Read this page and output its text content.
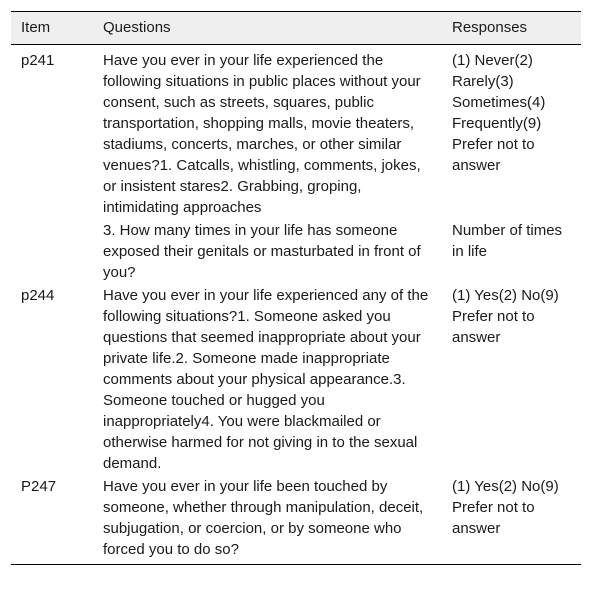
Item	Questions	Responses
p241	Have you ever in your life experienced the following situations in public places without your consent, such as streets, squares, public transportation, shopping malls, movie theaters, stadiums, concerts, marches, or other similar venues?1. Catcalls, whistling, comments, jokes, or insistent stares2. Grabbing, groping, intimidating approaches	(1) Never(2) Rarely(3) Sometimes(4) Frequently(9) Prefer not to answer
	3. How many times in your life has someone exposed their genitals or masturbated in front of you?	Number of times in life
p244	Have you ever in your life experienced any of the following situations?1. Someone asked you questions that seemed inappropriate about your private life.2. Someone made inappropriate comments about your physical appearance.3. Someone touched or hugged you inappropriately4. You were blackmailed or otherwise harmed for not giving in to the sexual demand.	(1) Yes(2) No(9) Prefer not to answer
P247	Have you ever in your life been touched by someone, whether through manipulation, deceit, subjugation, or coercion, or by someone who forced you to do so?	(1) Yes(2) No(9) Prefer not to answer
